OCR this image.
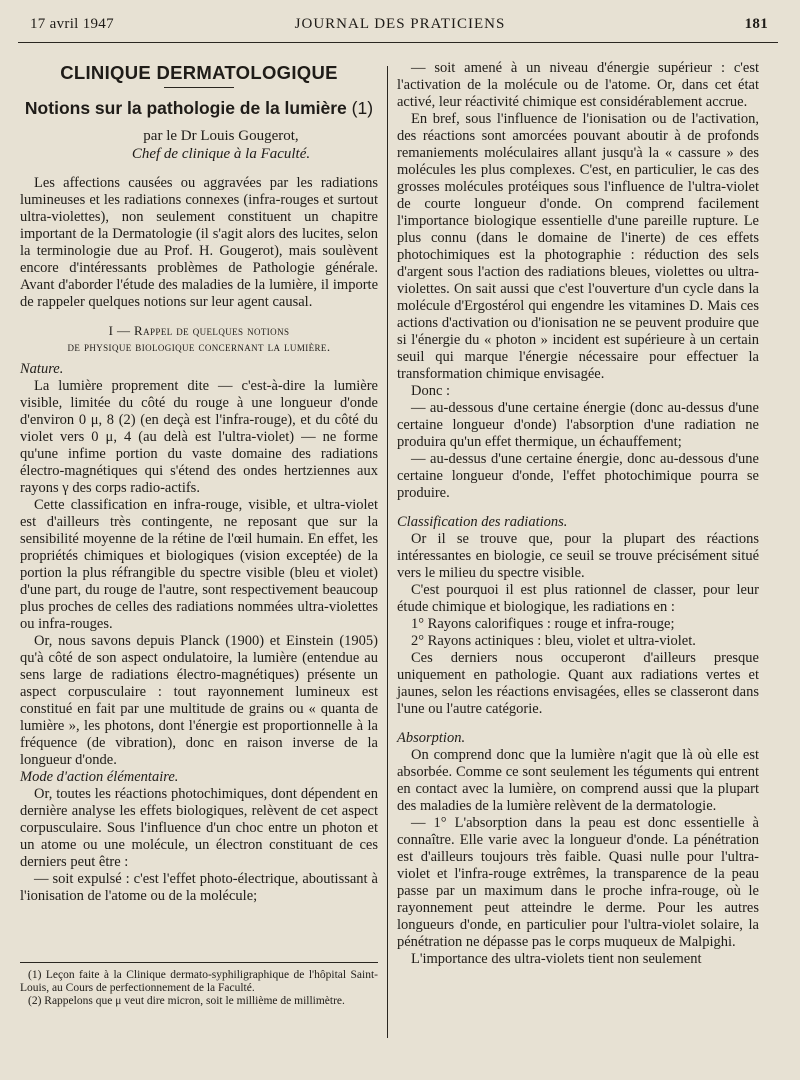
17 avril 1947	JOURNAL DES PRATICIENS	181
CLINIQUE DERMATOLOGIQUE
Notions sur la pathologie de la lumière (1)

par le Dr Louis Gougerot,

Chef de clinique à la Faculté.

Les affections causées ou aggravées par les radiations lumineuses et les radiations connexes (infra-rouges et surtout ultra-violettes), non seulement constituent un chapitre important de la Dermatologie (il s'agit alors des lucites, selon la terminologie due au Prof. H. Gougerot), mais soulèvent encore d'intéressants problèmes de Pathologie générale. Avant d'aborder l'étude des maladies de la lumière, il importe de rappeler quelques notions sur leur agent causal.

I — Rappel de quelques notions
de physique biologique concernant la lumière.

Nature.

La lumière proprement dite — c'est-à-dire la lumière visible, limitée du côté du rouge à une longueur d'onde d'environ 0 μ, 8 (2) (en deçà est l'infra-rouge), et du côté du violet vers 0 μ, 4 (au delà est l'ultra-violet) — ne forme qu'une infime portion du vaste domaine des radiations électro-magnétiques qui s'étend des ondes hertziennes aux rayons γ des corps radio-actifs.

Cette classification en infra-rouge, visible, et ultra-violet est d'ailleurs très contingente, ne reposant que sur la sensibilité moyenne de la rétine de l'œil humain. En effet, les propriétés chimiques et biologiques (vision exceptée) de la portion la plus réfrangible du spectre visible (bleu et violet) d'une part, du rouge de l'autre, sont respectivement beaucoup plus proches de celles des radiations nommées ultra-violettes ou infra-rouges.

Or, nous savons depuis Planck (1900) et Einstein (1905) qu'à côté de son aspect ondulatoire, la lumière (entendue au sens large de radiations électro-magnétiques) présente un aspect corpusculaire : tout rayonnement lumineux est constitué en fait par une multitude de grains ou « quanta de lumière », les photons, dont l'énergie est proportionnelle à la fréquence (de vibration), donc en raison inverse de la longueur d'onde.

Mode d'action élémentaire.

Or, toutes les réactions photochimiques, dont dépendent en dernière analyse les effets biologiques, relèvent de cet aspect corpusculaire. Sous l'influence d'un choc entre un photon et un atome ou une molécule, un électron constituant de ces derniers peut être :

— soit expulsé : c'est l'effet photo-électrique, aboutissant à l'ionisation de l'atome ou de la molécule;

(1) Leçon faite à la Clinique dermato-syphiligraphique de l'hôpital Saint-Louis, au Cours de perfectionnement de la Faculté.

(2) Rappelons que μ veut dire micron, soit le millième de millimètre.

— soit amené à un niveau d'énergie supérieur : c'est l'activation de la molécule ou de l'atome. Or, dans cet état activé, leur réactivité chimique est considérablement accrue.

En bref, sous l'influence de l'ionisation ou de l'activation, des réactions sont amorcées pouvant aboutir à de profonds remaniements moléculaires allant jusqu'à la « cassure » des molécules les plus complexes. C'est, en particulier, le cas des grosses molécules protéiques sous l'influence de l'ultra-violet de courte longueur d'onde. On comprend facilement l'importance biologique essentielle d'une pareille rupture. Le plus connu (dans le domaine de l'inerte) de ces effets photochimiques est la photographie : réduction des sels d'argent sous l'action des radiations bleues, violettes ou ultra-violettes. On sait aussi que c'est l'ouverture d'un cycle dans la molécule d'Ergostérol qui engendre les vitamines D. Mais ces actions d'activation ou d'ionisation ne se peuvent produire que si l'énergie du « photon » incident est supérieure à un certain seuil qui marque l'énergie nécessaire pour effectuer la transformation chimique envisagée.

Donc :

— au-dessous d'une certaine énergie (donc au-dessus d'une certaine longueur d'onde) l'absorption d'une radiation ne produira qu'un effet thermique, un échauffement;

— au-dessus d'une certaine énergie, donc au-dessous d'une certaine longueur d'onde, l'effet photochimique pourra se produire.

Classification des radiations.

Or il se trouve que, pour la plupart des réactions intéressantes en biologie, ce seuil se trouve précisément situé vers le milieu du spectre visible.

C'est pourquoi il est plus rationnel de classer, pour leur étude chimique et biologique, les radiations en :

1° Rayons calorifiques : rouge et infra-rouge;

2° Rayons actiniques : bleu, violet et ultra-violet.

Ces derniers nous occuperont d'ailleurs presque uniquement en pathologie. Quant aux radiations vertes et jaunes, selon les réactions envisagées, elles se classeront dans l'une ou l'autre catégorie.

Absorption.

On comprend donc que la lumière n'agit que là où elle est absorbée. Comme ce sont seulement les téguments qui entrent en contact avec la lumière, on comprend aussi que la plupart des maladies de la lumière relèvent de la dermatologie.

— 1° L'absorption dans la peau est donc essentielle à connaître. Elle varie avec la longueur d'onde. La pénétration est d'ailleurs toujours très faible. Quasi nulle pour l'ultra-violet et l'infra-rouge extrêmes, la transparence de la peau passe par un maximum dans le proche infra-rouge, où le rayonnement peut atteindre le derme. Pour les autres longueurs d'onde, en particulier pour l'ultra-violet solaire, la pénétration ne dépasse pas le corps muqueux de Malpighi.

L'importance des ultra-violets tient non seulement
